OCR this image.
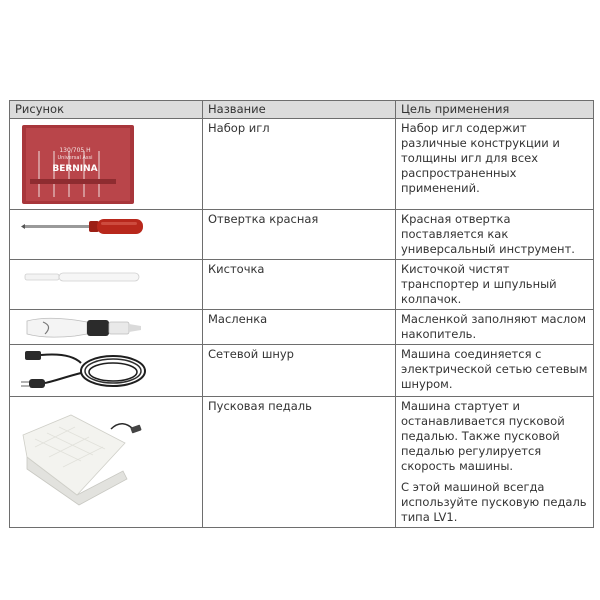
Рисунок	Название	Цель применения

130/705 H
Universal Assi
BERNINA	Набор игл	Набор игл содержит различные конструкции и толщины игл для всех распространенных применений.

	Отвертка красная	Красная отвертка поставляется как универсальный инструмент.

	Кисточка	Кисточкой чистят транспортер и шпульный колпачок.

	Масленка	Масленкой заполняют маслом накопитель.

	Сетевой шнур	Машина соединяется с электрической сетью сетевым шнуром.

	Пусковая педаль	Машина стартует и останавливается пусковой педалью. Также пусковой педалью регулируется скорость машины.

С этой машиной всегда используйте пусковую педаль типа LV1.
